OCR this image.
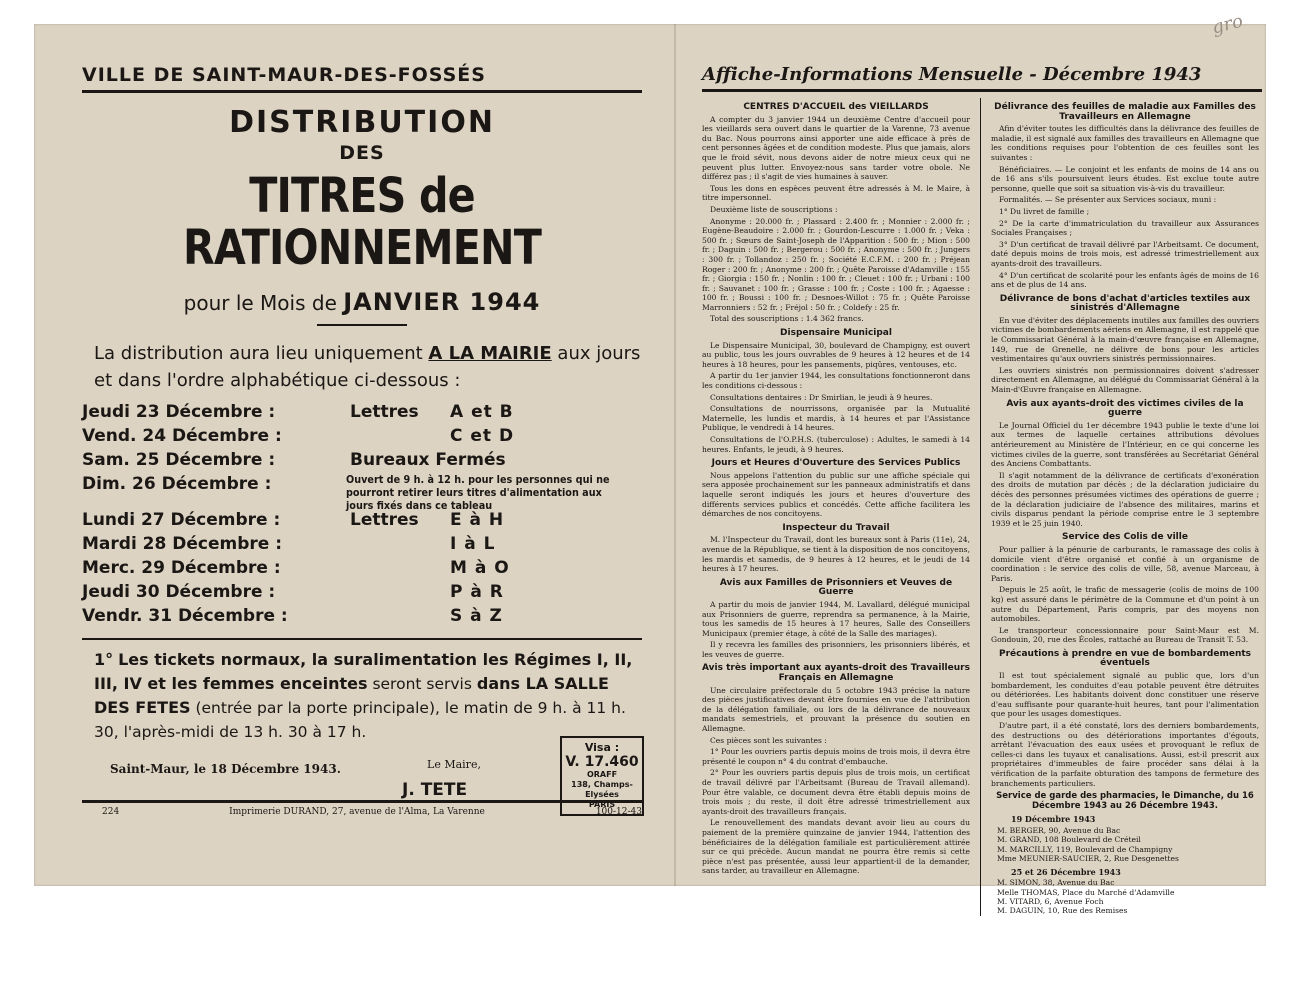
gro
VILLE DE SAINT-MAUR-DES-FOSSÉS
DISTRIBUTION
DES
TITRES de RATIONNEMENT
pour le Mois de JANVIER 1944
La distribution aura lieu uniquement A LA MAIRIE aux jours
et dans l'ordre alphabétique ci-dessous :
Jeudi 23 Décembre :	Lettres	A et B
Vend. 24 Décembre :	C et D
Sam. 25 Décembre :	Bureaux Fermés
Dim. 26 Décembre :	Ouvert de 9 h. à 12 h. pour les personnes qui ne pourront retirer leurs titres d'alimentation aux jours fixés dans ce tableau
Lundi 27 Décembre :	Lettres	E à H
Mardi 28 Décembre :	I à L
Merc. 29 Décembre :	M à O
Jeudi 30 Décembre :	P à R
Vendr. 31 Décembre :	S à Z
1° Les tickets normaux, la suralimentation les Régimes I, II, III, IV et les femmes enceintes seront servis dans LA SALLE DES FETES (entrée par la porte principale), le matin de 9 h. à 11 h. 30, l'après-midi de 13 h. 30 à 17 h.
Saint-Maur, le 18 Décembre 1943.	Le Maire,
J. TETE
Visa :
V. 17.460
ORAFF
138, Champs-Elysées
PARIS
224	Imprimerie DURAND, 27, avenue de l'Alma, La Varenne	100-12-43
Affiche-Informations Mensuelle - Décembre 1943
CENTRES D'ACCUEIL des VIEILLARDS

A compter du 3 janvier 1944 un deuxième Centre d'accueil pour les vieillards sera ouvert dans le quartier de la Varenne, 73 avenue du Bac. Nous pourrons ainsi apporter une aide efficace à près de cent personnes âgées et de condition modeste. Plus que jamais, alors que le froid sévit, nous devons aider de notre mieux ceux qui ne peuvent plus lutter. Envoyez-nous sans tarder votre obole. Ne différez pas ; il s'agit de vies humaines à sauver.

Tous les dons en espèces peuvent être adressés à M. le Maire, à titre impersonnel.

Deuxième liste de souscriptions :

Anonyme : 20.000 fr. ; Plassard : 2.400 fr. ; Monnier : 2.000 fr. ; Eugène-Beaudoire : 2.000 fr. ; Gourdon-Lescurre : 1.000 fr. ; Veka : 500 fr. ; Sœurs de Saint-Joseph de l'Apparition : 500 fr. ; Mion : 500 fr. ; Daguin : 500 fr. ; Bergerou : 500 fr. ; Anonyme : 500 fr. ; Jungers : 300 fr. ; Tollandoz : 250 fr. ; Société E.C.F.M. : 200 fr. ; Préjean Roger : 200 fr. ; Anonyme : 200 fr. ; Quête Paroisse d'Adamville : 155 fr. ; Giorgia : 150 fr. ; Nonlin : 100 fr. ; Cleuet : 100 fr. ; Urbani : 100 fr. ; Sauvanet : 100 fr. ; Grasse : 100 fr. ; Coste : 100 fr. ; Agaesse : 100 fr. ; Boussi : 100 fr. ; Desnoes-Willot : 75 fr. ; Quête Paroisse Marronniers : 52 fr. ; Fréjol : 50 fr. ; Coldefy : 25 fr.

Total des souscriptions : 1.4 362 francs.

Dispensaire Municipal

Le Dispensaire Municipal, 30, boulevard de Champigny, est ouvert au public, tous les jours ouvrables de 9 heures à 12 heures et de 14 heures à 18 heures, pour les pansements, piqûres, ventouses, etc.

A partir du 1er janvier 1944, les consultations fonctionneront dans les conditions ci-dessous :

Consultations dentaires : Dr Smirlian, le jeudi à 9 heures.

Consultations de nourrissons, organisée par la Mutualité Maternelle, les lundis et mardis, à 14 heures et par l'Assistance Publique, le vendredi à 14 heures.

Consultations de l'O.P.H.S. (tuberculose) : Adultes, le samedi à 14 heures. Enfants, le jeudi, à 9 heures.

Jours et Heures d'Ouverture des Services Publics

Nous appelons l'attention du public sur une affiche spéciale qui sera apposée prochainement sur les panneaux administratifs et dans laquelle seront indiqués les jours et heures d'ouverture des différents services publics et concédés. Cette affiche facilitera les démarches de nos concitoyens.

Inspecteur du Travail

M. l'Inspecteur du Travail, dont les bureaux sont à Paris (11e), 24, avenue de la République, se tient à la disposition de nos concitoyens, les mardis et samedis, de 9 heures à 12 heures, et le jeudi de 14 heures à 17 heures.

Avis aux Familles de Prisonniers et Veuves de Guerre

A partir du mois de janvier 1944, M. Lavallard, délégué municipal aux Prisonniers de guerre, reprendra sa permanence, à la Mairie, tous les samedis de 15 heures à 17 heures, Salle des Conseillers Municipaux (premier étage, à côté de la Salle des mariages).

Il y recevra les familles des prisonniers, les prisonniers libérés, et les veuves de guerre.

Avis très important aux ayants-droit des Travailleurs Français en Allemagne

Une circulaire préfectorale du 5 octobre 1943 précise la nature des pièces justificatives devant être fournies en vue de l'attribution de la délégation familiale, ou lors de la délivrance de nouveaux mandats semestriels, et prouvant la présence du soutien en Allemagne.

Ces pièces sont les suivantes :

1° Pour les ouvriers partis depuis moins de trois mois, il devra être présenté le coupon n° 4 du contrat d'embauche.

2° Pour les ouvriers partis depuis plus de trois mois, un certificat de travail délivré par l'Arbeitsamt (Bureau de Travail allemand). Pour être valable, ce document devra être établi depuis moins de trois mois ; du reste, il doit être adressé trimestriellement aux ayants-droit des travailleurs français.

Le renouvellement des mandats devant avoir lieu au cours du paiement de la première quinzaine de janvier 1944, l'attention des bénéficiaires de la délégation familiale est particulièrement attirée sur ce qui précède. Aucun mandat ne pourra être remis si cette pièce n'est pas présentée, aussi leur appartient-il de la demander, sans tarder, au travailleur en Allemagne.

Délivrance des feuilles de maladie aux Familles des Travailleurs en Allemagne

Afin d'éviter toutes les difficultés dans la délivrance des feuilles de maladie, il est signalé aux familles des travailleurs en Allemagne que les conditions requises pour l'obtention de ces feuilles sont les suivantes :

Bénéficiaires. — Le conjoint et les enfants de moins de 14 ans ou de 16 ans s'ils poursuivent leurs études. Est exclue toute autre personne, quelle que soit sa situation vis-à-vis du travailleur.

Formalités. — Se présenter aux Services sociaux, muni :

1° Du livret de famille ;

2° De la carte d'immatriculation du travailleur aux Assurances Sociales Françaises ;

3° D'un certificat de travail délivré par l'Arbeitsamt. Ce document, daté depuis moins de trois mois, est adressé trimestriellement aux ayants-droit des travailleurs.

4° D'un certificat de scolarité pour les enfants âgés de moins de 16 ans et de plus de 14 ans.

Délivrance de bons d'achat d'articles textiles aux sinistrés d'Allemagne

En vue d'éviter des déplacements inutiles aux familles des ouvriers victimes de bombardements aériens en Allemagne, il est rappelé que le Commissariat Général à la main-d'œuvre française en Allemagne, 149, rue de Grenelle, ne délivre de bons pour les articles vestimentaires qu'aux ouvriers sinistrés permissionnaires.

Les ouvriers sinistrés non permissionnaires doivent s'adresser directement en Allemagne, au délégué du Commissariat Général à la Main-d'Œuvre française en Allemagne.

Avis aux ayants-droit des victimes civiles de la guerre

Le Journal Officiel du 1er décembre 1943 publie le texte d'une loi aux termes de laquelle certaines attributions dévolues antérieurement au Ministère de l'Intérieur, en ce qui concerne les victimes civiles de la guerre, sont transférées au Secrétariat Général des Anciens Combattants.

Il s'agit notamment de la délivrance de certificats d'exonération des droits de mutation par décès ; de la déclaration judiciaire du décès des personnes présumées victimes des opérations de guerre ; de la déclaration judiciaire de l'absence des militaires, marins et civils disparus pendant la période comprise entre le 3 septembre 1939 et le 25 juin 1940.

Service des Colis de ville

Pour pallier à la pénurie de carburants, le ramassage des colis à domicile vient d'être organisé et confié à un organisme de coordination : le service des colis de ville, 58, avenue Marceau, à Paris.

Depuis le 25 août, le trafic de messagerie (colis de moins de 100 kg) est assuré dans le périmètre de la Commune et d'un point à un autre du Département, Paris compris, par des moyens non automobiles.

Le transporteur concessionnaire pour Saint-Maur est M. Gondouin, 20, rue des Écoles, rattaché au Bureau de Transit T. 53.

Précautions à prendre en vue de bombardements éventuels

Il est tout spécialement signalé au public que, lors d'un bombardement, les conduites d'eau potable peuvent être détruites ou détériorées. Les habitants doivent donc constituer une réserve d'eau suffisante pour quarante-huit heures, tant pour l'alimentation que pour les usages domestiques.

D'autre part, il a été constaté, lors des derniers bombardements, des destructions ou des détériorations importantes d'égouts, arrêtant l'évacuation des eaux usées et provoquant le reflux de celles-ci dans les tuyaux et canalisations. Aussi, est-il prescrit aux propriétaires d'immeubles de faire procéder sans délai à la vérification de la parfaite obturation des tampons de fermeture des branchements particuliers.

Service de garde des pharmacies, le Dimanche, du 16 Décembre 1943 au 26 Décembre 1943.
19 Décembre 1943
M. BERGER, 90, Avenue du Bac
M. GRAND, 108 Boulevard de Créteil
M. MARCILLY, 119, Boulevard de Champigny
Mme MEUNIER-SAUCIER, 2, Rue Desgenettes
25 et 26 Décembre 1943
M. SIMON, 38, Avenue du Bac
Melle THOMAS, Place du Marché d'Adamville
M. VITARD, 6, Avenue Foch
M. DAGUIN, 10, Rue des Remises
